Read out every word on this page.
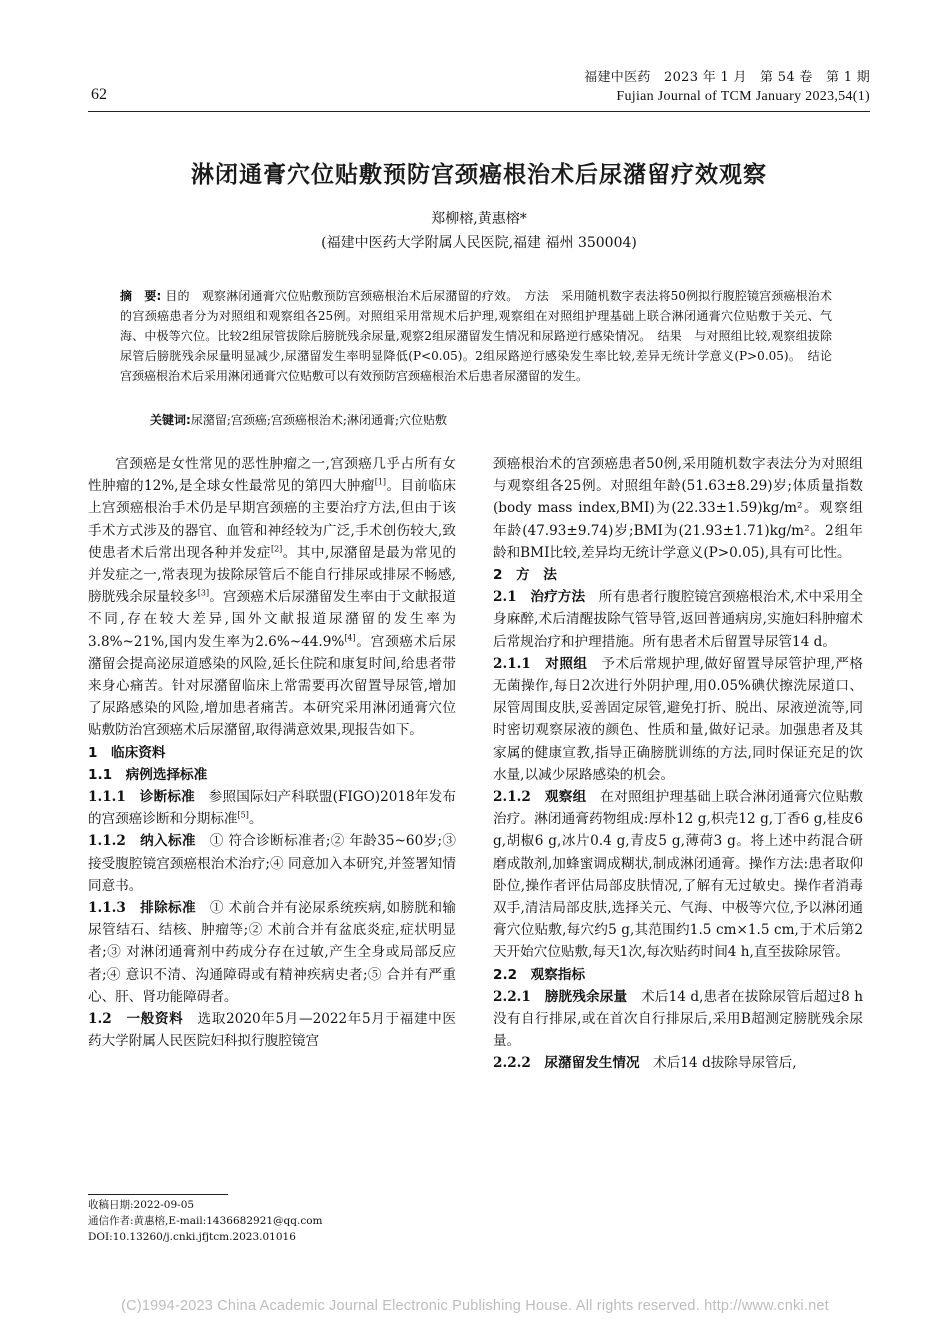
福建中医药　2023 年 1 月　第 54 卷　第 1 期
62	Fujian Journal of TCM January 2023,54(1)
淋闭通膏穴位贴敷预防宫颈癌根治术后尿潴留疗效观察
郑柳榕,黄惠榕*
(福建中医药大学附属人民医院,福建 福州 350004)
摘　要: 目的　观察淋闭通膏穴位贴敷预防宫颈癌根治术后尿潴留的疗效。　方法　采用随机数字表法将50例拟行腹腔镜宫颈癌根治术的宫颈癌患者分为对照组和观察组各25例。对照组采用常规术后护理,观察组在对照组护理基础上联合淋闭通膏穴位贴敷于关元、气海、中极等穴位。比较2组尿管拔除后膀胱残余尿量,观察2组尿潴留发生情况和尿路逆行感染情况。　结果　与对照组比较,观察组拔除尿管后膀胱残余尿量明显减少,尿潴留发生率明显降低(P<0.05)。2组尿路逆行感染发生率比较,差异无统计学意义(P>0.05)。　结论　宫颈癌根治术后采用淋闭通膏穴位贴敷可以有效预防宫颈癌根治术后患者尿潴留的发生。
关键词:尿潴留;宫颈癌;宫颈癌根治术;淋闭通膏;穴位贴敷

宫颈癌是女性常见的恶性肿瘤之一,宫颈癌几乎占所有女性肿瘤的12%,是全球女性最常见的第四大肿瘤[1]。目前临床上宫颈癌根治手术仍是早期宫颈癌的主要治疗方法,但由于该手术方式涉及的器官、血管和神经较为广泛,手术创伤较大,致使患者术后常出现各种并发症[2]。其中,尿潴留是最为常见的并发症之一,常表现为拔除尿管后不能自行排尿或排尿不畅感,膀胱残余尿量较多[3]。宫颈癌术后尿潴留发生率由于文献报道不同,存在较大差异,国外文献报道尿潴留的发生率为3.8%~21%,国内发生率为2.6%~44.9%[4]。宫颈癌术后尿潴留会提高泌尿道感染的风险,延长住院和康复时间,给患者带来身心痛苦。针对尿潴留临床上常需要再次留置导尿管,增加了尿路感染的风险,增加患者痛苦。本研究采用淋闭通膏穴位贴敷防治宫颈癌术后尿潴留,取得满意效果,现报告如下。

1　临床资料

1.1　病例选择标准

1.1.1　诊断标准　参照国际妇产科联盟(FIGO)2018年发布的宫颈癌诊断和分期标准[5]。

1.1.2　纳入标准　① 符合诊断标准者;② 年龄35~60岁;③ 接受腹腔镜宫颈癌根治术治疗;④ 同意加入本研究,并签署知情同意书。

1.1.3　排除标准　① 术前合并有泌尿系统疾病,如膀胱和输尿管结石、结核、肿瘤等;② 术前合并有盆底炎症,症状明显者;③ 对淋闭通膏剂中药成分存在过敏,产生全身或局部反应者;④ 意识不清、沟通障碍或有精神疾病史者;⑤ 合并有严重心、肝、肾功能障碍者。

1.2　一般资料　选取2020年5月—2022年5月于福建中医药大学附属人民医院妇科拟行腹腔镜宫

颈癌根治术的宫颈癌患者50例,采用随机数字表法分为对照组与观察组各25例。对照组年龄(51.63±8.29)岁;体质量指数(body mass index,BMI)为(22.33±1.59)kg/m²。观察组年龄(47.93±9.74)岁;BMI为(21.93±1.71)kg/m²。2组年龄和BMI比较,差异均无统计学意义(P>0.05),具有可比性。

2　方　法

2.1　治疗方法　所有患者行腹腔镜宫颈癌根治术,术中采用全身麻醉,术后清醒拔除气管导管,返回普通病房,实施妇科肿瘤术后常规治疗和护理措施。所有患者术后留置导尿管14 d。

2.1.1　对照组　予术后常规护理,做好留置导尿管护理,严格无菌操作,每日2次进行外阴护理,用0.05%碘伏擦洗尿道口、尿管周围皮肤,妥善固定尿管,避免打折、脱出、尿液逆流等,同时密切观察尿液的颜色、性质和量,做好记录。加强患者及其家属的健康宣教,指导正确膀胱训练的方法,同时保证充足的饮水量,以减少尿路感染的机会。

2.1.2　观察组　在对照组护理基础上联合淋闭通膏穴位贴敷治疗。淋闭通膏药物组成:厚朴12 g,枳壳12 g,丁香6 g,桂皮6 g,胡椒6 g,冰片0.4 g,青皮5 g,薄荷3 g。将上述中药混合研磨成散剂,加蜂蜜调成糊状,制成淋闭通膏。操作方法:患者取仰卧位,操作者评估局部皮肤情况,了解有无过敏史。操作者消毒双手,清洁局部皮肤,选择关元、气海、中极等穴位,予以淋闭通膏穴位贴敷,每穴约5 g,其范围约1.5 cm×1.5 cm,于术后第2天开始穴位贴敷,每天1次,每次贴药时间4 h,直至拔除尿管。

2.2　观察指标

2.2.1　膀胱残余尿量　术后14 d,患者在拔除尿管后超过8 h没有自行排尿,或在首次自行排尿后,采用B超测定膀胱残余尿量。

2.2.2　尿潴留发生情况　术后14 d拔除导尿管后,

收稿日期:2022-09-05

通信作者:黄惠榕,E-mail:1436682921@qq.com

DOI:10.13260/j.cnki.jfjtcm.2023.01016

(C)1994-2023 China Academic Journal Electronic Publishing House. All rights reserved. http://www.cnki.net
